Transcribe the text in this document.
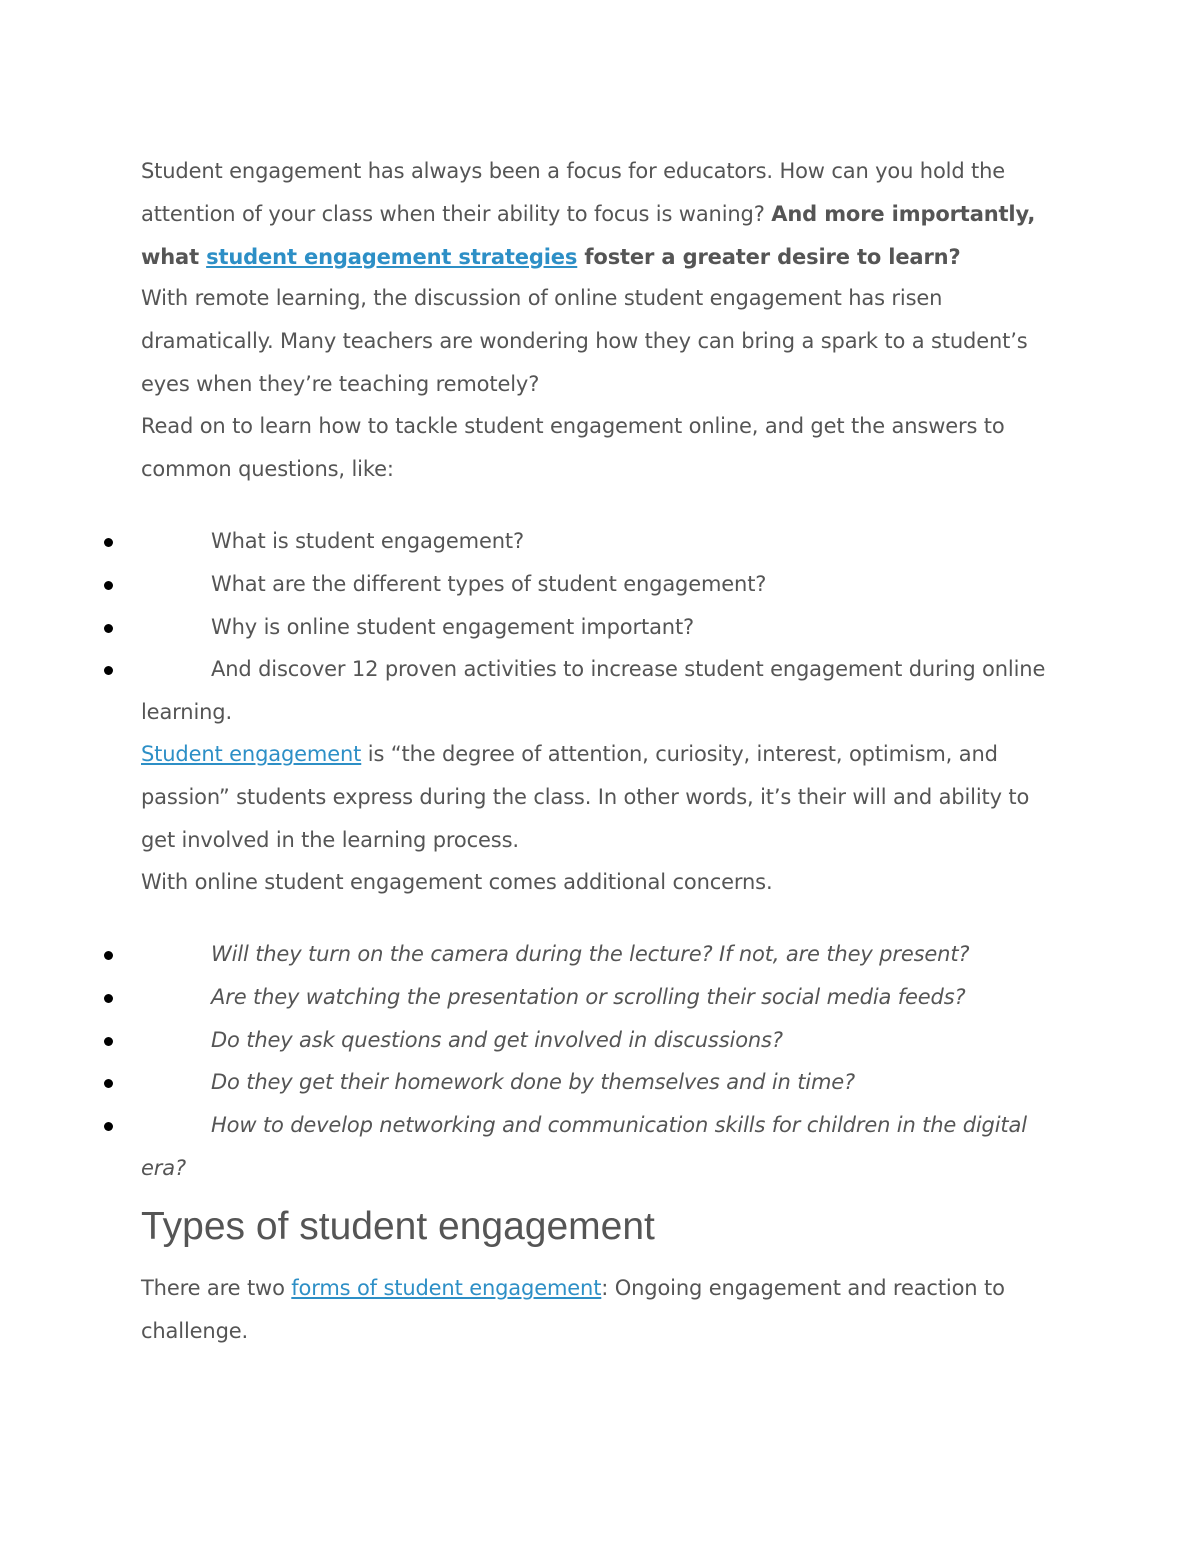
Student engagement has always been a focus for educators. How can you hold the attention of your class when their ability to focus is waning? And more importantly, what student engagement strategies foster a greater desire to learn?

With remote learning, the discussion of online student engagement has risen dramatically. Many teachers are wondering how they can bring a spark to a student’s eyes when they’re teaching remotely?

Read on to learn how to tackle student engagement online, and get the answers to common questions, like:

What is student engagement?
What are the different types of student engagement?
Why is online student engagement important?
And discover 12 proven activities to increase student engagement during online learning.

Student engagement is “the degree of attention, curiosity, interest, optimism, and passion” students express during the class. In other words, it’s their will and ability to get involved in the learning process.

With online student engagement comes additional concerns.

Will they turn on the camera during the lecture? If not, are they present?
Are they watching the presentation or scrolling their social media feeds?
Do they ask questions and get involved in discussions?
Do they get their homework done by themselves and in time?
How to develop networking and communication skills for children in the digital era?
Types of student engagement

There are two forms of student engagement: Ongoing engagement and reaction to challenge.
